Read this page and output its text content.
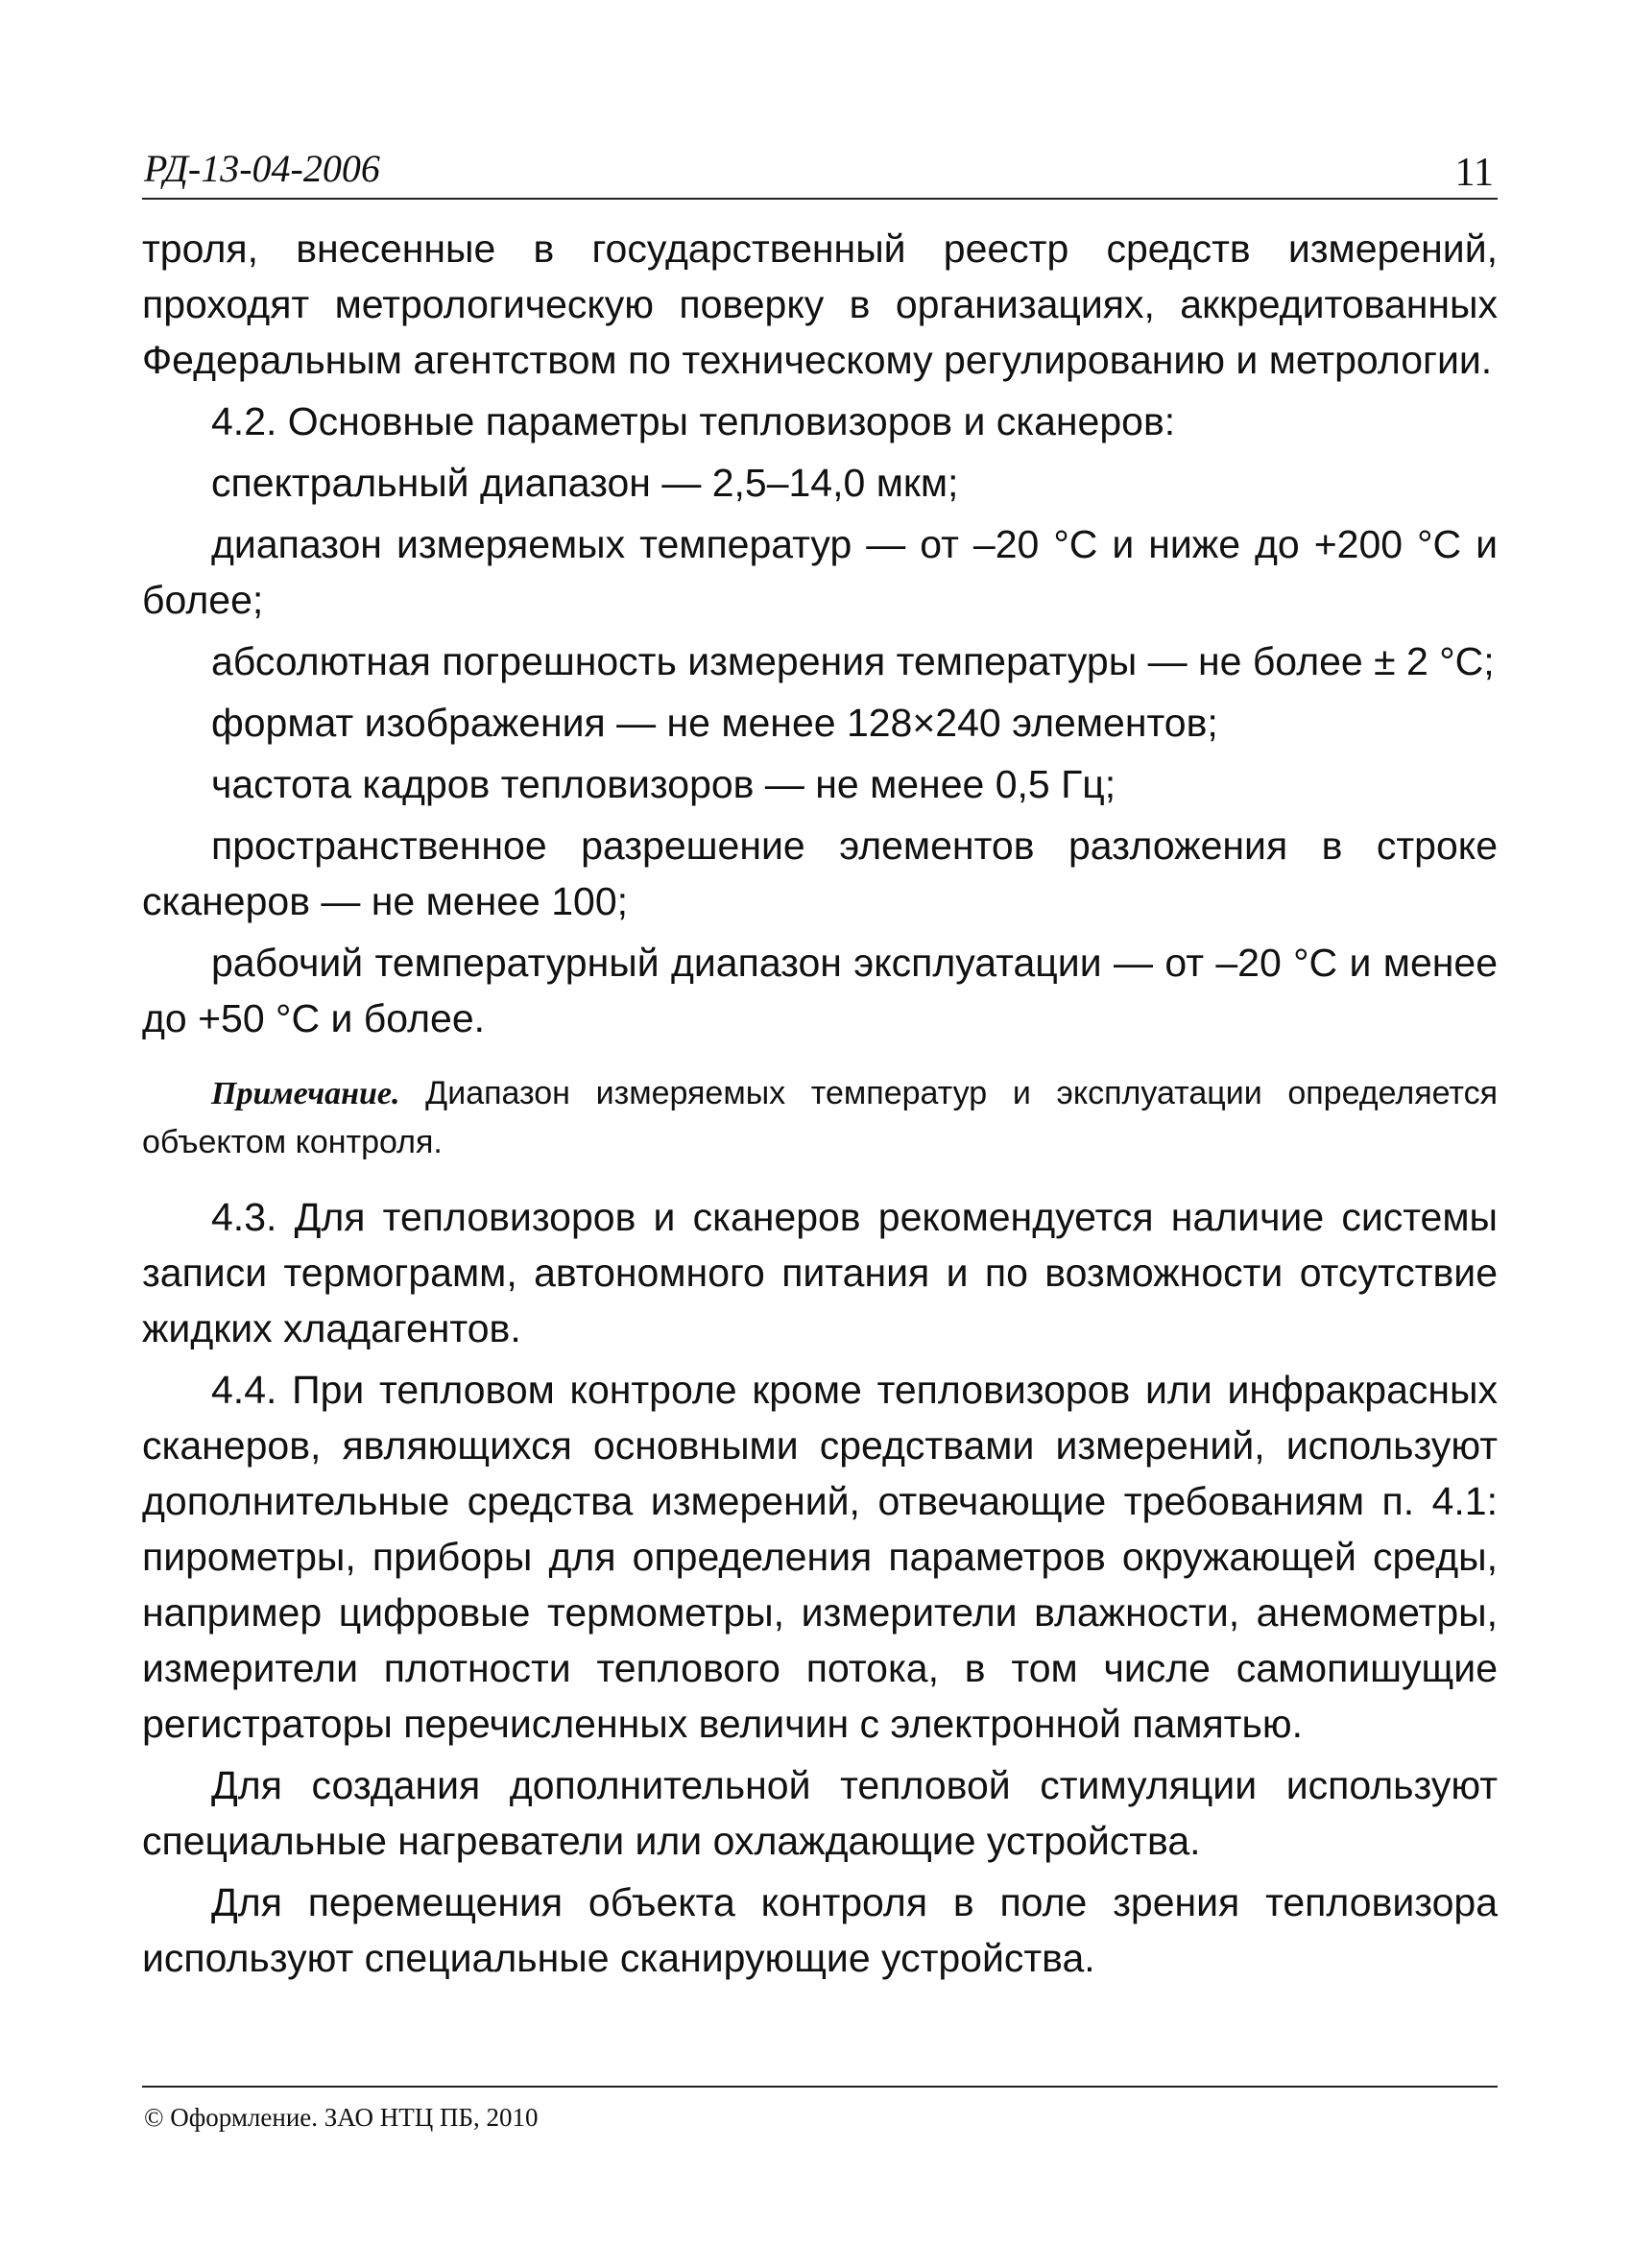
РД-13-04-2006	11

троля, внесенные в государственный реестр средств измерений, проходят метрологическую поверку в организациях, аккредитованных Федеральным агентством по техническому регулированию и метрологии.

4.2. Основные параметры тепловизоров и сканеров:

спектральный диапазон — 2,5–14,0 мкм;

диапазон измеряемых температур — от –20 °С и ниже до +200 °С и более;

абсолютная погрешность измерения температуры — не более ± 2 °С;

формат изображения — не менее 128×240 элементов;

частота кадров тепловизоров — не менее 0,5 Гц;

пространственное разрешение элементов разложения в строке сканеров — не менее 100;

рабочий температурный диапазон эксплуатации — от –20 °С и менее до +50 °С и более.

Примечание. Диапазон измеряемых температур и эксплуатации определяется объектом контроля.

4.3. Для тепловизоров и сканеров рекомендуется наличие системы записи термограмм, автономного питания и по возможности отсутствие жидких хладагентов.

4.4. При тепловом контроле кроме тепловизоров или инфракрасных сканеров, являющихся основными средствами измерений, используют дополнительные средства измерений, отвечающие требованиям п. 4.1: пирометры, приборы для определения параметров окружающей среды, например цифровые термометры, измерители влажности, анемометры, измерители плотности теплового потока, в том числе самопишущие регистраторы перечисленных величин с электронной памятью.

Для создания дополнительной тепловой стимуляции используют специальные нагреватели или охлаждающие устройства.

Для перемещения объекта контроля в поле зрения тепловизора используют специальные сканирующие устройства.

© Оформление. ЗАО НТЦ ПБ, 2010
